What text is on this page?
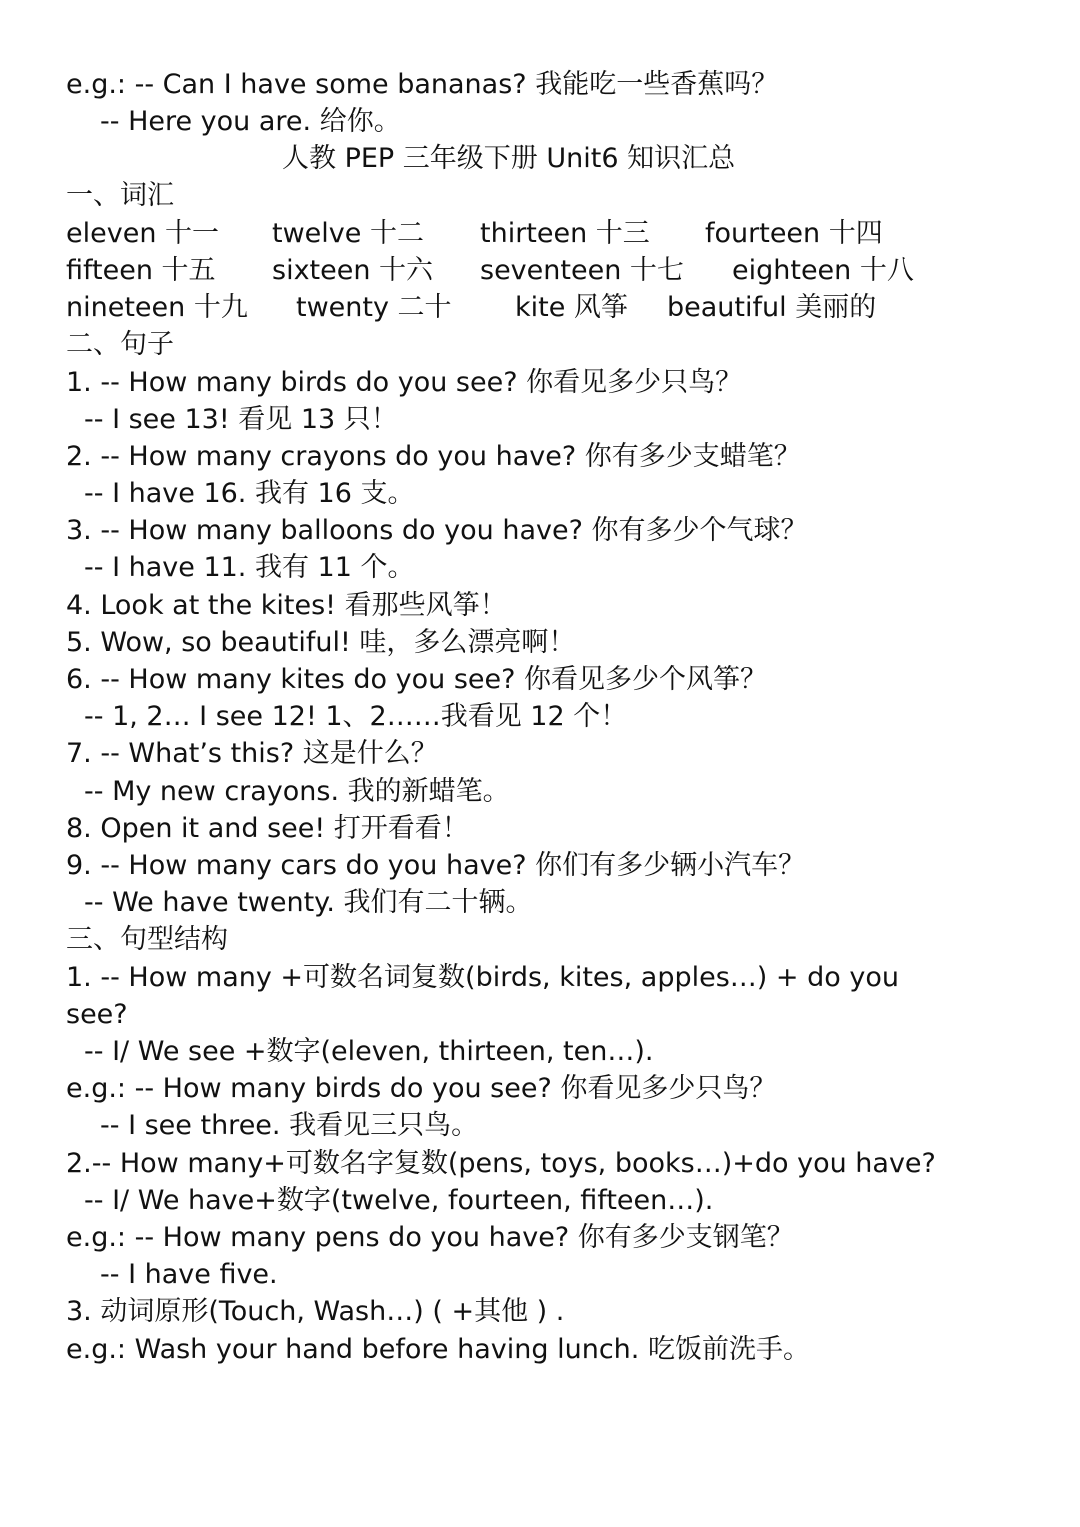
e.g.: -- Can I have some bananas? 我能吃一些香蕉吗？
-- Here you are. 给你。
人教 PEP 三年级下册 Unit6 知识汇总
一、词汇
eleven 十一 twelve 十二 thirteen 十三 fourteen 十四
fifteen 十五 sixteen 十六 seventeen 十七 eighteen 十八
nineteen 十九 twenty 二十 kite 风筝 beautiful 美丽的
二、句子
1. -- How many birds do you see? 你看见多少只鸟？
-- I see 13! 看见 13 只！
2. -- How many crayons do you have? 你有多少支蜡笔？
-- I have 16. 我有 16 支。
3. -- How many balloons do you have? 你有多少个气球？
-- I have 11. 我有 11 个。
4. Look at the kites! 看那些风筝！
5. Wow, so beautiful! 哇，多么漂亮啊！
6. -- How many kites do you see? 你看见多少个风筝？
-- 1, 2… I see 12! 1、2……我看见 12 个！
7. -- What’s this? 这是什么？
-- My new crayons. 我的新蜡笔。
8. Open it and see! 打开看看！
9. -- How many cars do you have? 你们有多少辆小汽车？
-- We have twenty. 我们有二十辆。
三、句型结构
1. -- How many +可数名词复数(birds, kites, apples…) + do you
see?
-- I/ We see +数字(eleven, thirteen, ten…).
e.g.: -- How many birds do you see? 你看见多少只鸟？
-- I see three. 我看见三只鸟。
2.-- How many+可数名字复数(pens, toys, books…)+do you have?
-- I/ We have+数字(twelve, fourteen, fifteen…).
e.g.: -- How many pens do you have? 你有多少支钢笔？
-- I have five.
3. 动词原形(Touch, Wash…) ( +其他 ) .
e.g.: Wash your hand before having lunch. 吃饭前洗手。
